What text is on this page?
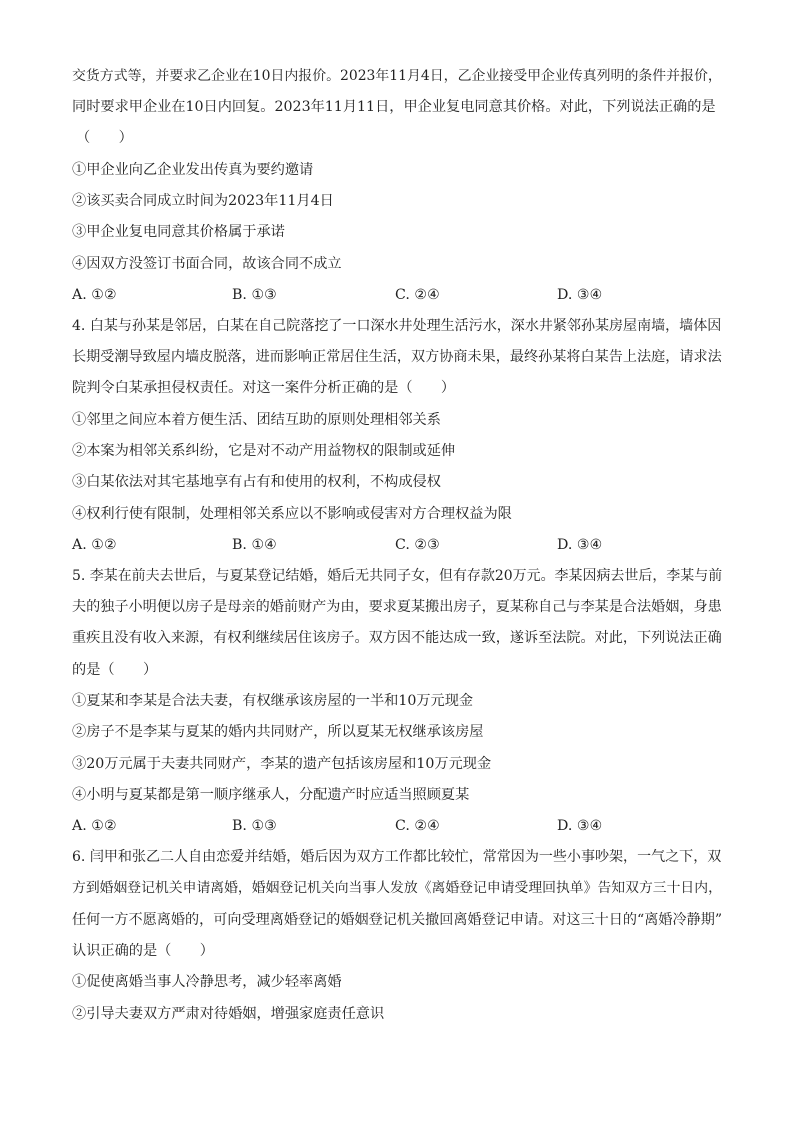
交货方式等，并要求乙企业在10日内报价。2023年11月4日，乙企业接受甲企业传真列明的条件并报价，
同时要求甲企业在10日内回复。2023年11月11日，甲企业复电同意其价格。对此，下列说法正确的是
（　　）
①甲企业向乙企业发出传真为要约邀请
②该买卖合同成立时间为2023年11月4日
③甲企业复电同意其价格属于承诺
④因双方没签订书面合同，故该合同不成立
A. ①②	B. ①③	C. ②④	D. ③④
4. 白某与孙某是邻居，白某在自己院落挖了一口深水井处理生活污水，深水井紧邻孙某房屋南墙，墙体因
长期受潮导致屋内墙皮脱落，进而影响正常居住生活，双方协商未果，最终孙某将白某告上法庭，请求法
院判令白某承担侵权责任。对这一案件分析正确的是（　　）
①邻里之间应本着方便生活、团结互助的原则处理相邻关系
②本案为相邻关系纠纷，它是对不动产用益物权的限制或延伸
③白某依法对其宅基地享有占有和使用的权利，不构成侵权
④权利行使有限制，处理相邻关系应以不影响或侵害对方合理权益为限
A. ①②	B. ①④	C. ②③	D. ③④
5. 李某在前夫去世后，与夏某登记结婚，婚后无共同子女，但有存款20万元。李某因病去世后，李某与前
夫的独子小明便以房子是母亲的婚前财产为由，要求夏某搬出房子，夏某称自己与李某是合法婚姻，身患
重疾且没有收入来源，有权利继续居住该房子。双方因不能达成一致，遂诉至法院。对此，下列说法正确
的是（　　）
①夏某和李某是合法夫妻，有权继承该房屋的一半和10万元现金
②房子不是李某与夏某的婚内共同财产，所以夏某无权继承该房屋
③20万元属于夫妻共同财产，李某的遗产包括该房屋和10万元现金
④小明与夏某都是第一顺序继承人，分配遗产时应适当照顾夏某
A. ①②	B. ①③	C. ②④	D. ③④
6. 闫甲和张乙二人自由恋爱并结婚，婚后因为双方工作都比较忙，常常因为一些小事吵架，一气之下，双
方到婚姻登记机关申请离婚，婚姻登记机关向当事人发放《离婚登记申请受理回执单》告知双方三十日内，
任何一方不愿离婚的，可向受理离婚登记的婚姻登记机关撤回离婚登记申请。对这三十日的“离婚冷静期”
认识正确的是（　　）
①促使离婚当事人冷静思考，减少轻率离婚
②引导夫妻双方严肃对待婚姻，增强家庭责任意识
